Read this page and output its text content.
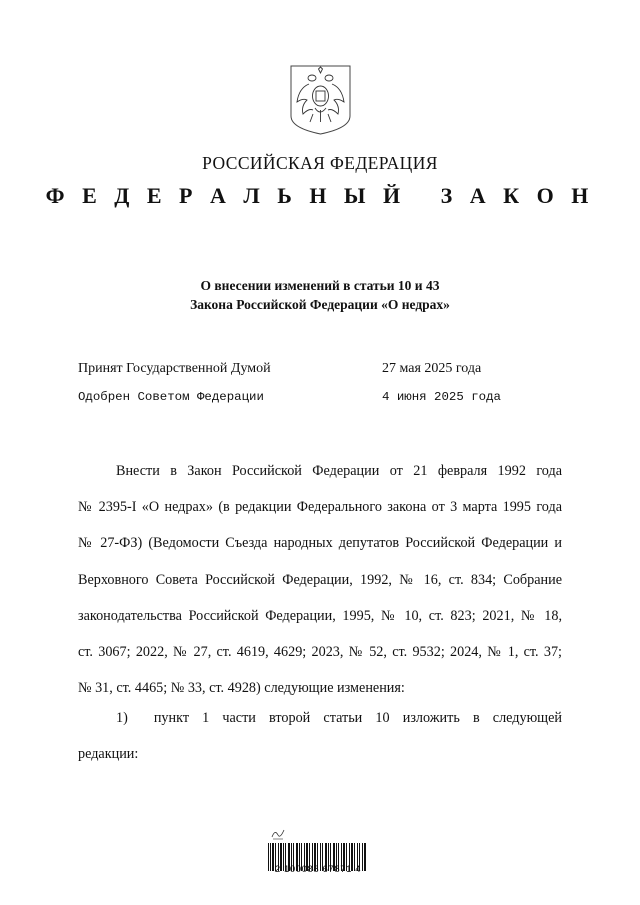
РОССИЙСКАЯ ФЕДЕРАЦИЯ
Ф Е Д Е Р А Л Ь Н Ы Й   З А К О Н
О внесении изменений в статьи 10 и 43
Закона Российской Федерации «О недрах»
Принят Государственной Думой	27 мая 2025 года
Одобрен Советом Федерации	4 июня 2025 года
Внести в Закон Российской Федерации от 21 февраля 1992 года
№ 2395-I «О недрах» (в редакции Федерального закона от 3 марта 1995 года
№ 27-ФЗ) (Ведомости Съезда народных депутатов Российской Федерации и
Верховного Совета Российской Федерации, 1992, № 16, ст. 834; Собрание
законодательства Российской Федерации, 1995, № 10, ст. 823; 2021, № 18,
ст. 3067; 2022, № 27, ст. 4619, 4629; 2023, № 52, ст. 9532; 2024, № 1, ст. 37;
№ 31, ст. 4465; № 33, ст. 4928) следующие изменения:
1) пункт 1 части второй статьи 10 изложить в следующей
редакции:
2 100088 67871 4
